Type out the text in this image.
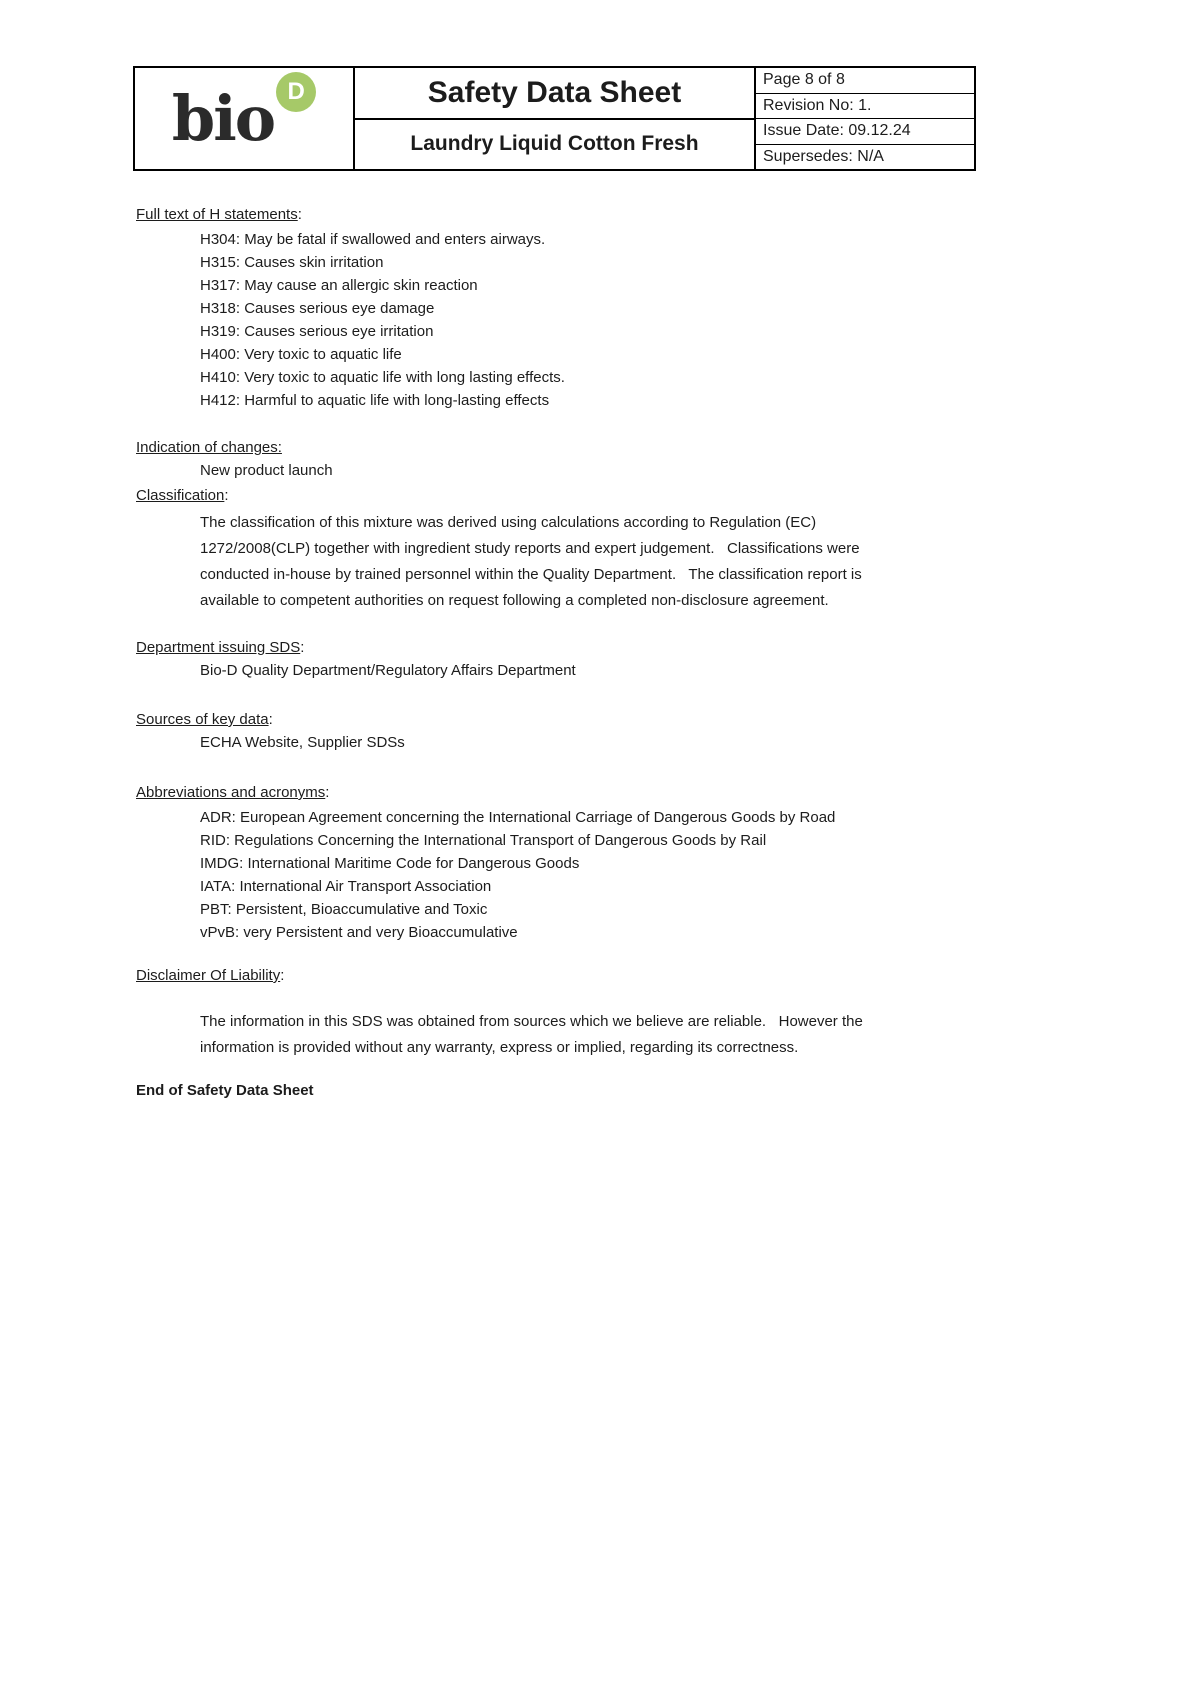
bio D	Safety Data Sheet
Laundry Liquid Cotton Fresh
Page 8 of 8
Revision No: 1.
Issue Date: 09.12.24
Supersedes: N/A
Full text of H statements:
H304: May be fatal if swallowed and enters airways.
H315: Causes skin irritation
H317: May cause an allergic skin reaction
H318: Causes serious eye damage
H319: Causes serious eye irritation
H400: Very toxic to aquatic life
H410: Very toxic to aquatic life with long lasting effects.
H412: Harmful to aquatic life with long-lasting effects
Indication of changes:
New product launch
Classification:
The classification of this mixture was derived using calculations according to Regulation (EC)
1272/2008(CLP) together with ingredient study reports and expert judgement.   Classifications were
conducted in-house by trained personnel within the Quality Department.   The classification report is
available to competent authorities on request following a completed non-disclosure agreement.
Department issuing SDS:
Bio-D Quality Department/Regulatory Affairs Department
Sources of key data:
ECHA Website, Supplier SDSs
Abbreviations and acronyms:
ADR: European Agreement concerning the International Carriage of Dangerous Goods by Road
RID: Regulations Concerning the International Transport of Dangerous Goods by Rail
IMDG: International Maritime Code for Dangerous Goods
IATA: International Air Transport Association
PBT: Persistent, Bioaccumulative and Toxic
vPvB: very Persistent and very Bioaccumulative
Disclaimer Of Liability:
The information in this SDS was obtained from sources which we believe are reliable.   However the
information is provided without any warranty, express or implied, regarding its correctness.
End of Safety Data Sheet
